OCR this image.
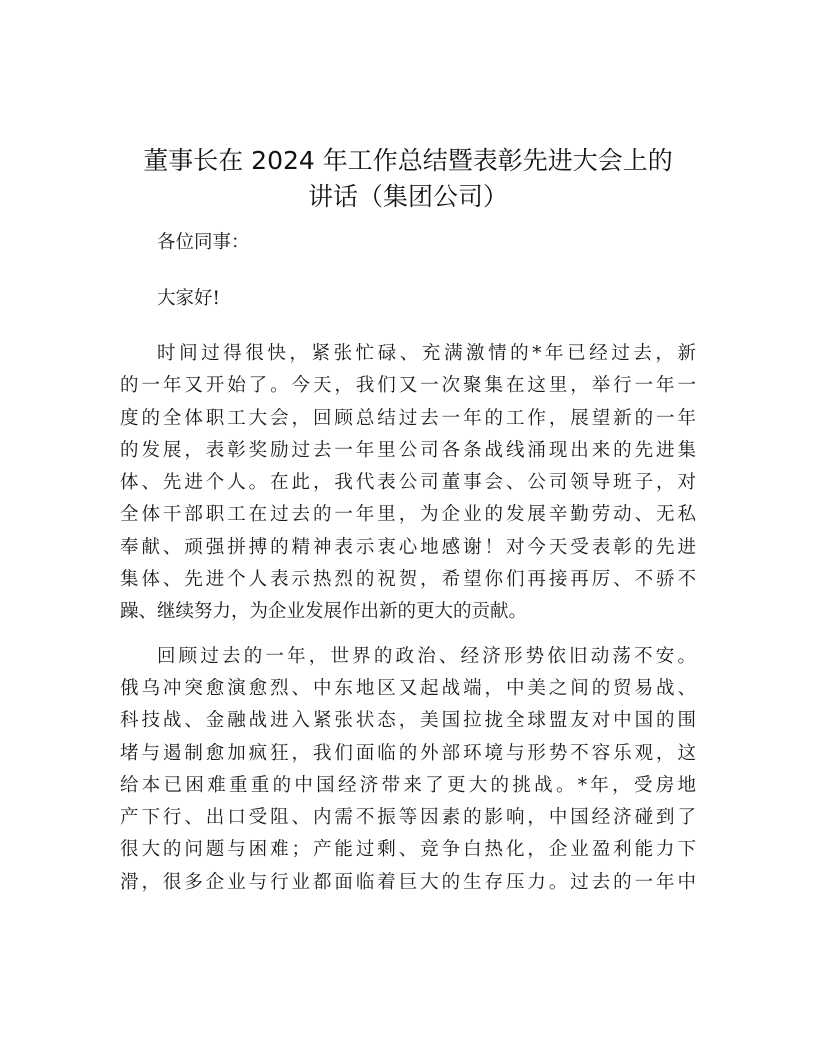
董事长在 2024 年工作总结暨表彰先进大会上的
讲话（集团公司）

各位同事：

大家好!

时间过得很快，紧张忙碌、充满激情的*年已经过去，新
的一年又开始了。今天，我们又一次聚集在这里，举行一年一
度的全体职工大会，回顾总结过去一年的工作，展望新的一年
的发展，表彰奖励过去一年里公司各条战线涌现出来的先进集
体、先进个人。在此，我代表公司董事会、公司领导班子，对
全体干部职工在过去的一年里，为企业的发展辛勤劳动、无私
奉献、顽强拼搏的精神表示衷心地感谢！对今天受表彰的先进
集体、先进个人表示热烈的祝贺，希望你们再接再厉、不骄不
躁、继续努力，为企业发展作出新的更大的贡献。
回顾过去的一年，世界的政治、经济形势依旧动荡不安。
俄乌冲突愈演愈烈、中东地区又起战端，中美之间的贸易战、
科技战、金融战进入紧张状态，美国拉拢全球盟友对中国的围
堵与遏制愈加疯狂，我们面临的外部环境与形势不容乐观，这
给本已困难重重的中国经济带来了更大的挑战。*年，受房地
产下行、出口受阻、内需不振等因素的影响，中国经济碰到了
很大的问题与困难；产能过剩、竞争白热化，企业盈利能力下
滑，很多企业与行业都面临着巨大的生存压力。过去的一年中
